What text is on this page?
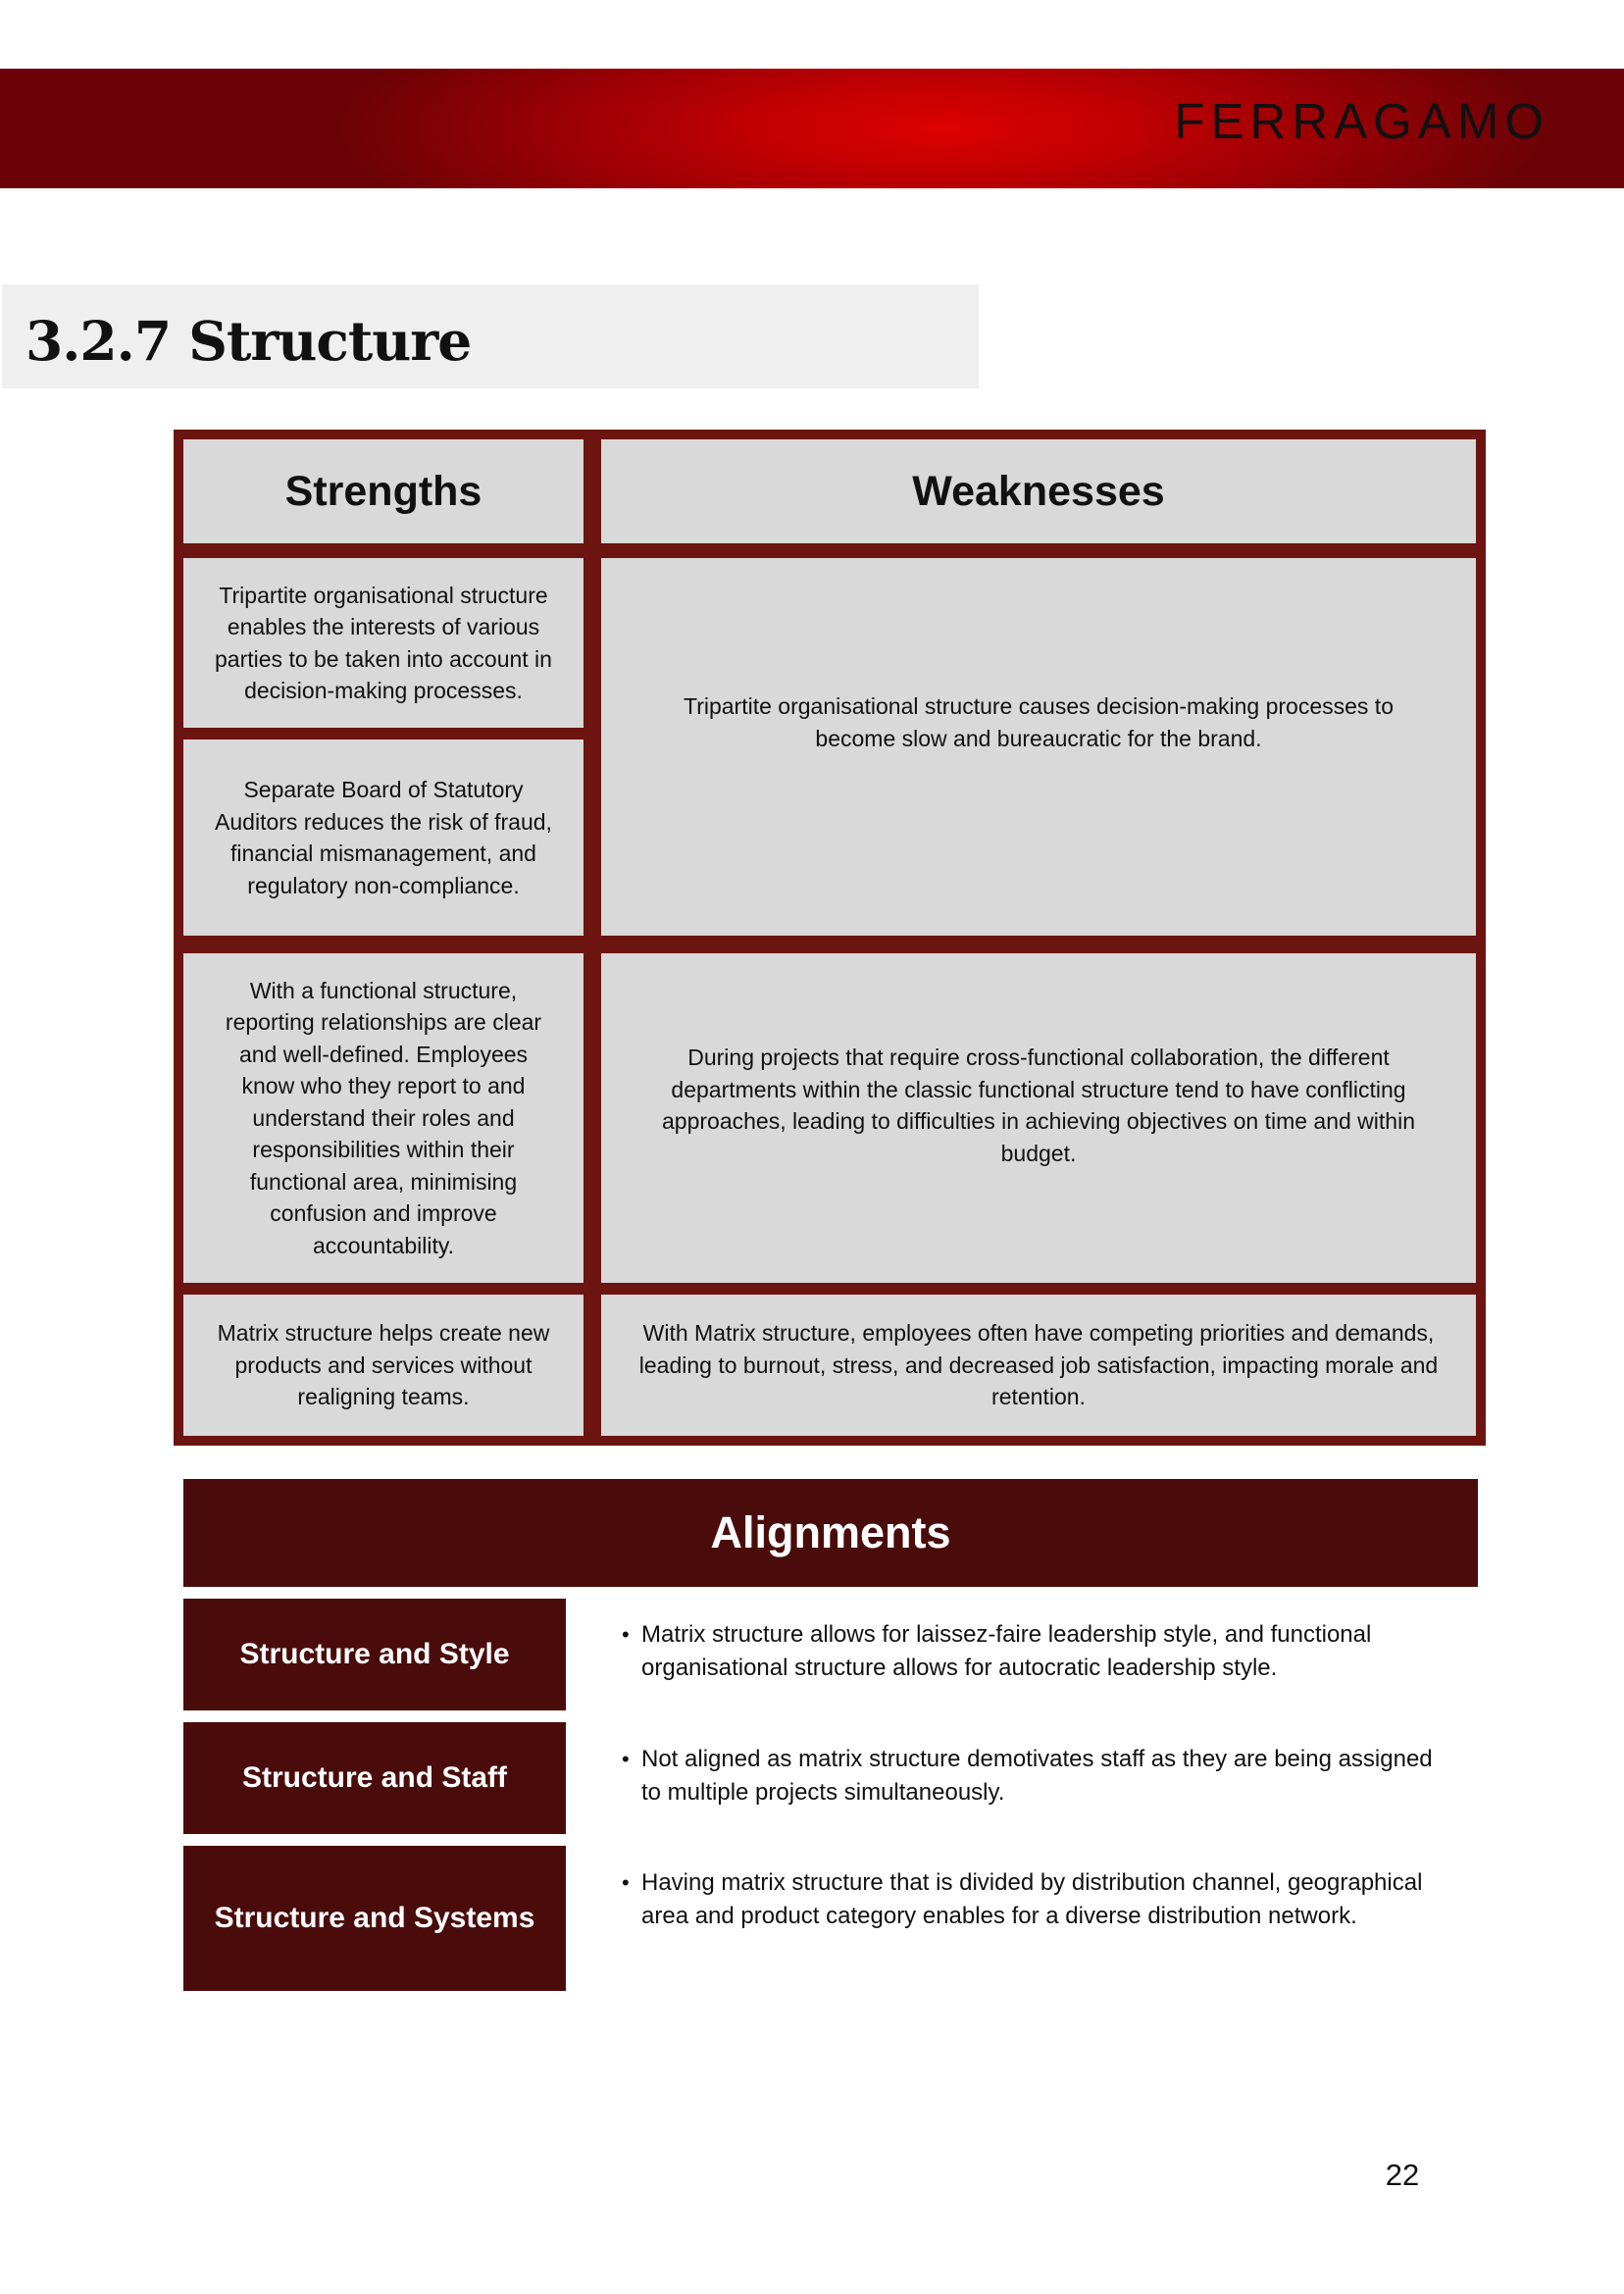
FERRAGAMO
3.2.7 Structure
Strengths	Weaknesses
Tripartite organisational structure enables the interests of various parties to be taken into account in decision-making processes.
Separate Board of Statutory Auditors reduces the risk of fraud, financial mismanagement, and regulatory non-compliance.
Tripartite organisational structure causes decision-making processes to become slow and bureaucratic for the brand.
With a functional structure, reporting relationships are clear and well-defined. Employees know who they report to and understand their roles and responsibilities within their functional area, minimising confusion and improve accountability.
During projects that require cross-functional collaboration, the different departments within the classic functional structure tend to have conflicting approaches, leading to difficulties in achieving objectives on time and within budget.
Matrix structure helps create new products and services without realigning teams.
With Matrix structure, employees often have competing priorities and demands, leading to burnout, stress, and decreased job satisfaction, impacting morale and retention.
Alignments
Structure and Style
• Matrix structure allows for laissez-faire leadership style, and functional organisational structure allows for autocratic leadership style.
Structure and Staff
• Not aligned as matrix structure demotivates staff as they are being assigned to multiple projects simultaneously.
Structure and Systems
• Having matrix structure that is divided by distribution channel, geographical area and product category enables for a diverse distribution network.
22
